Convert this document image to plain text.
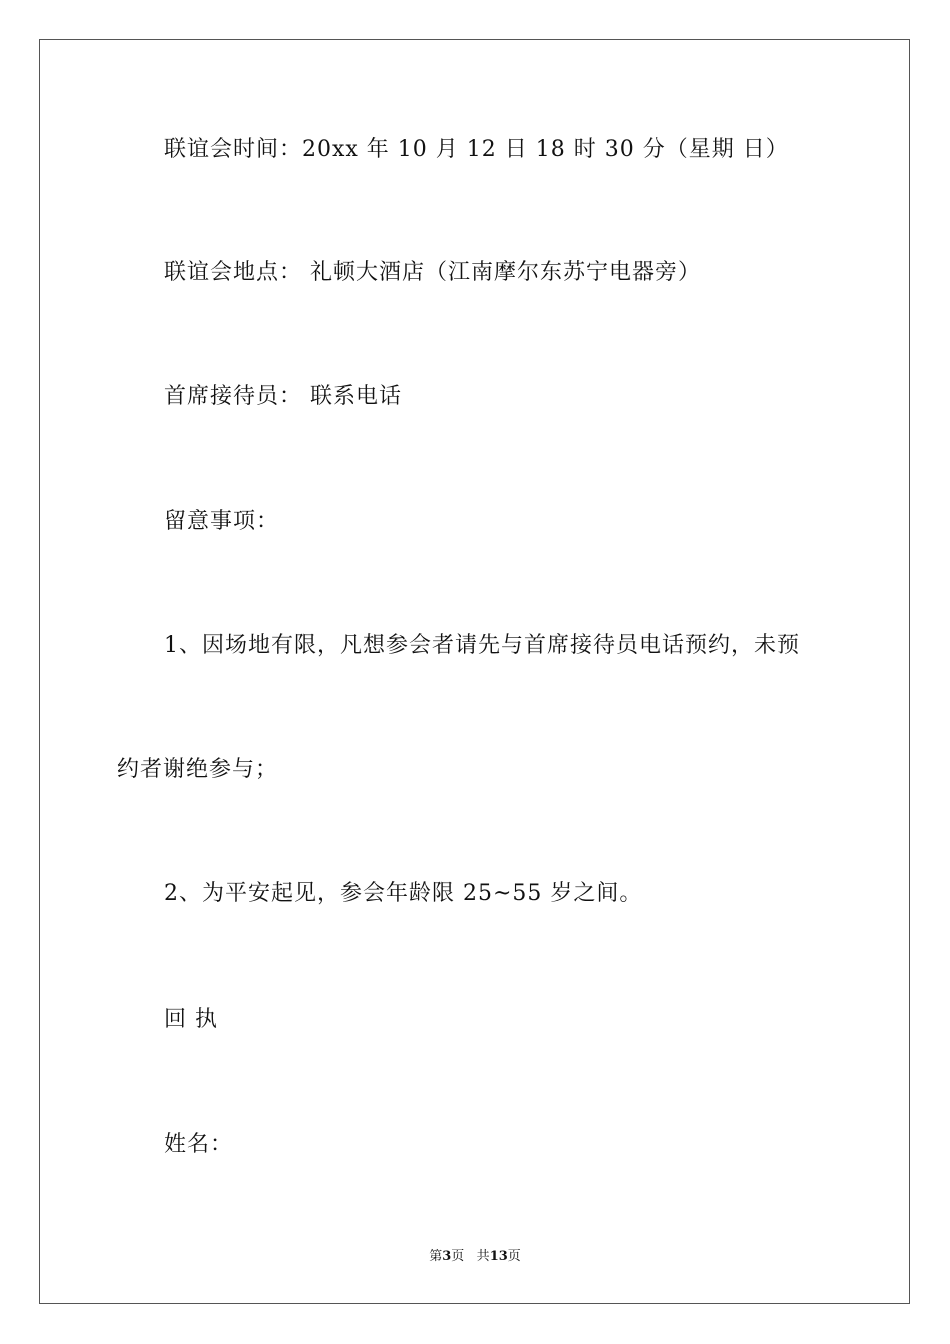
联谊会时间：20xx 年 10 月 12 日 18 时 30 分（星期 日）
联谊会地点： 礼顿大酒店（江南摩尔东苏宁电器旁）
首席接待员： 联系电话
留意事项：
1、因场地有限，凡想参会者请先与首席接待员电话预约，未预
约者谢绝参与；
2、为平安起见，参会年龄限 25~55 岁之间。
回 执
姓名：
第3页 共13页
